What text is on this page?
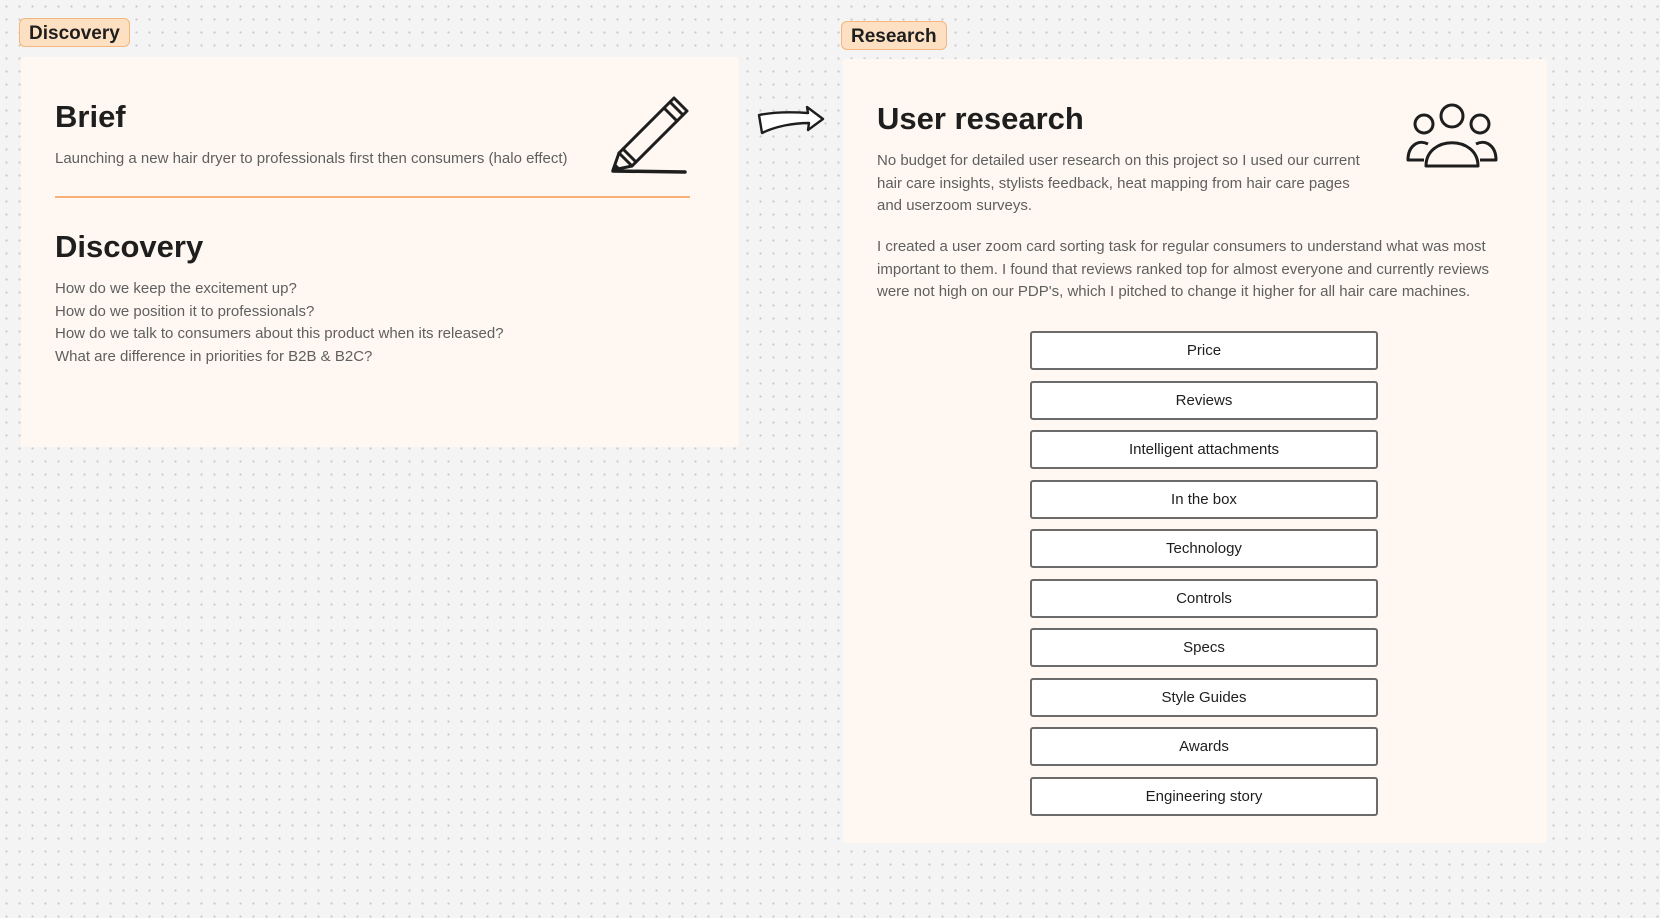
Discovery	Research
Brief

Launching a new hair dryer to professionals first then consumers (halo effect)

Discovery
How do we keep the excitement up?
How do we position it to professionals?
How do we talk to consumers about this product when its released?
What are difference in priorities for B2B & B2C?
User research

No budget for detailed user research on this project so I used our current hair care insights, stylists feedback, heat mapping from hair care pages and userzoom surveys.

I created a user zoom card sorting task for regular consumers to understand what was most important to them. I found that reviews ranked top for almost everyone and currently reviews were not high on our PDP's, which I pitched to change it higher for all hair care machines.

Price
Reviews
Intelligent attachments
In the box
Technology
Controls
Specs
Style Guides
Awards
Engineering story
